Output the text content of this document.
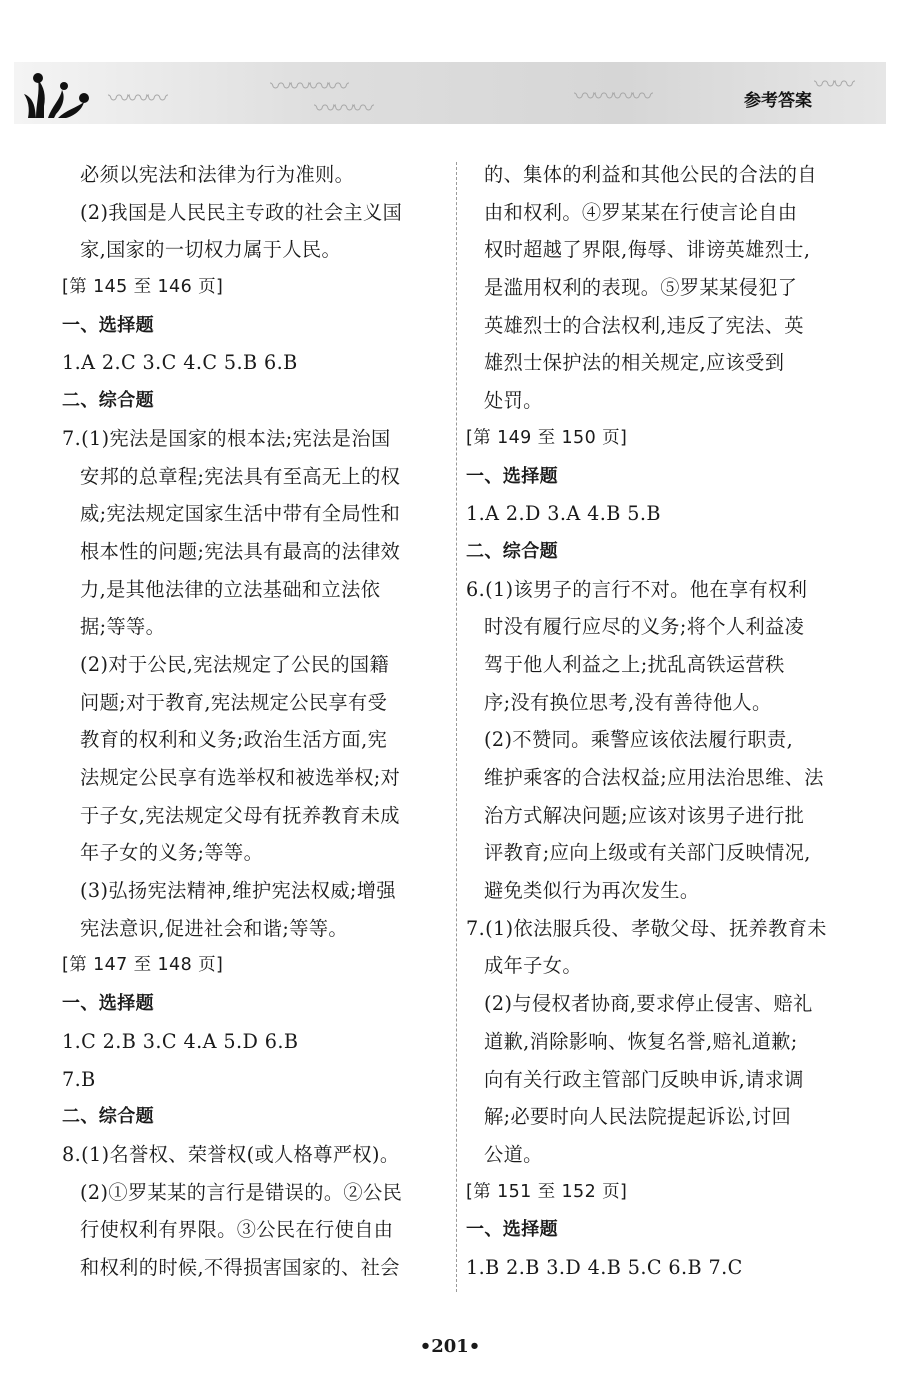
〰〰〰	〰〰〰〰
〰〰〰	〰〰〰〰	〰〰
参考答案
必须以宪法和法律为行为准则。
(2)我国是人民民主专政的社会主义国
家,国家的一切权力属于人民。
[第 145 至 146 页]
一、选择题
1.A 2.C 3.C 4.C 5.B 6.B
二、综合题
7.(1)宪法是国家的根本法;宪法是治国
安邦的总章程;宪法具有至高无上的权
威;宪法规定国家生活中带有全局性和
根本性的问题;宪法具有最高的法律效
力,是其他法律的立法基础和立法依
据;等等。
(2)对于公民,宪法规定了公民的国籍
问题;对于教育,宪法规定公民享有受
教育的权利和义务;政治生活方面,宪
法规定公民享有选举权和被选举权;对
于子女,宪法规定父母有抚养教育未成
年子女的义务;等等。
(3)弘扬宪法精神,维护宪法权威;增强
宪法意识,促进社会和谐;等等。
[第 147 至 148 页]
一、选择题
1.C 2.B 3.C 4.A 5.D 6.B
7.B
二、综合题
8.(1)名誉权、荣誉权(或人格尊严权)。
(2)①罗某某的言行是错误的。②公民
行使权利有界限。③公民在行使自由
和权利的时候,不得损害国家的、社会
的、集体的利益和其他公民的合法的自
由和权利。④罗某某在行使言论自由
权时超越了界限,侮辱、诽谤英雄烈士,
是滥用权利的表现。⑤罗某某侵犯了
英雄烈士的合法权利,违反了宪法、英
雄烈士保护法的相关规定,应该受到
处罚。
[第 149 至 150 页]
一、选择题
1.A 2.D 3.A 4.B 5.B
二、综合题
6.(1)该男子的言行不对。他在享有权利
时没有履行应尽的义务;将个人利益凌
驾于他人利益之上;扰乱高铁运营秩
序;没有换位思考,没有善待他人。
(2)不赞同。乘警应该依法履行职责,
维护乘客的合法权益;应用法治思维、法
治方式解决问题;应该对该男子进行批
评教育;应向上级或有关部门反映情况,
避免类似行为再次发生。
7.(1)依法服兵役、孝敬父母、抚养教育未
成年子女。
(2)与侵权者协商,要求停止侵害、赔礼
道歉,消除影响、恢复名誉,赔礼道歉;
向有关行政主管部门反映申诉,请求调
解;必要时向人民法院提起诉讼,讨回
公道。
[第 151 至 152 页]
一、选择题
1.B 2.B 3.D 4.B 5.C 6.B 7.C
•201•
